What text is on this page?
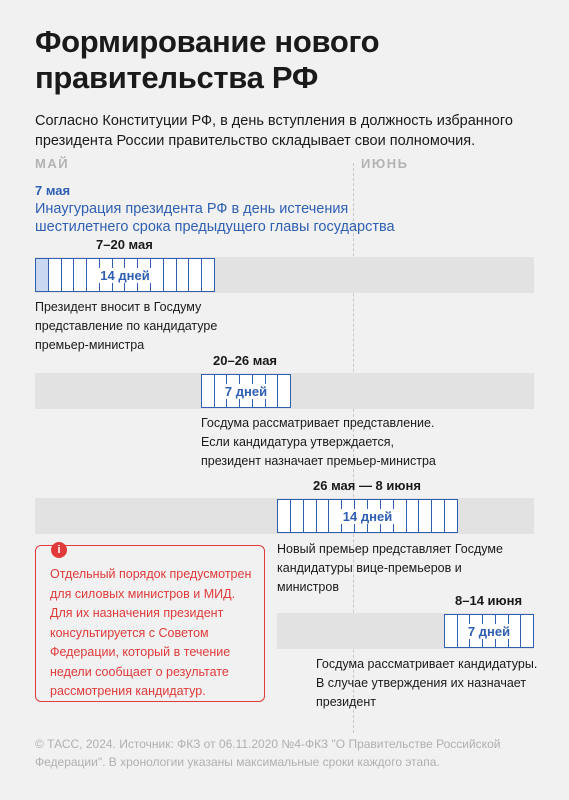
Формирование нового правительства РФ
Согласно Конституции РФ, в день вступления в должность избранного президента России правительство складывает свои полномочия.
МАЙ	ИЮНЬ
7 мая
Инаугурация президента РФ в день истечения шестилетнего срока предыдущего главы государства
7–20 мая
14 дней
Президент вносит в Госдуму представление по кандидатуре премьер-министра
20–26 мая
7 дней
Госдума рассматривает представление. Если кандидатура утверждается, президент назначает премьер-министра
26 мая — 8 июня
14 дней
Новый премьер представляет Госдуме кандидатуры вице-премьеров и министров
8–14 июня
7 дней
Госдума рассматривает кандидатуры. В случае утверждения их назначает президент
i
Отдельный порядок предусмотрен для силовых министров и МИД. Для их назначения президент консультируется с Советом Федерации, который в течение недели сообщает о результате рассмотрения кандидатур.
© ТАСС, 2024. Источник: ФКЗ от 06.11.2020 №4-ФКЗ "О Правительстве Российской Федерации". В хронологии указаны максимальные сроки каждого этапа.
